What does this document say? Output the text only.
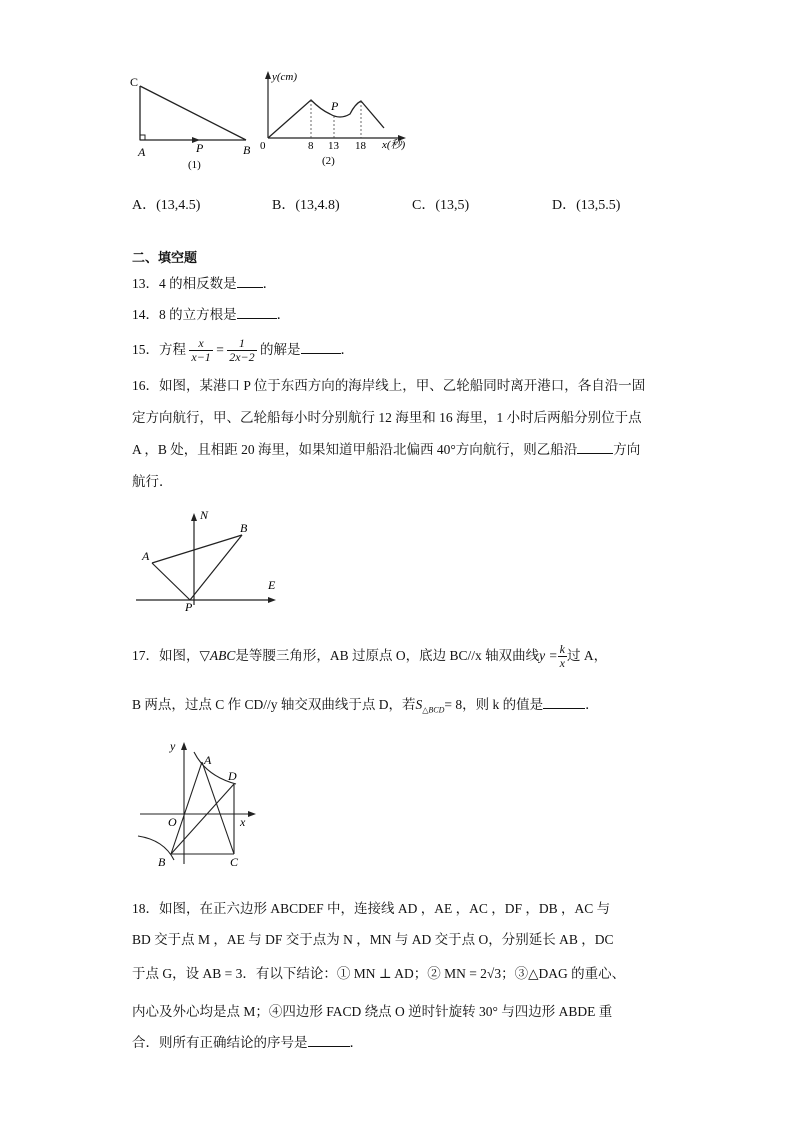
C
A	P	B
(1)
y(cm)
x(秒)
0	8 13 18
P
(2)
A．(13,4.5)	B．(13,4.8)	C．(13,5)	D．(13,5.5)
二、填空题
13．4 的相反数是 ．
14．8 的立方根是	．
15．方程 $\frac{x}{x-1} = \frac{1}{2x-2}$ 的解是	．
16．如图，某港口 P 位于东西方向的海岸线上，甲、乙轮船同时离开港口，各自沿一固
定方向航行，甲、乙轮船每小时分别航行 12 海里和 16 海里，1 小时后两船分别位于点
A ，B 处，且相距 20 海里，如果知道甲船沿北偏西 40°方向航行，则乙船沿	方向
航行．
N
B
A
E
P
17．如图，▽ABC是等腰三角形，AB 过原点 O，底边 BC//x 轴双曲线$y = \frac{k}{x}$ 过 A，
B 两点，过点 C 作 CD//y 轴交双曲线于点 D，若$S_{\triangle BCD}= 8$，则 k 的值是	．
y
A
D
O	x
B	C
18．如图，在正六边形 ABCDEF 中，连接线 AD ，AE ，AC ，DF ，DB ，AC 与
BD 交于点 M ，AE 与 DF 交于点为 N ，MN 与 AD 交于点 O，分别延长 AB ，DC
于点 G，设 AB = 3．有以下结论：① MN ⊥ AD；② MN = 2√3；③△DAG 的重心、
内心及外心均是点 M；④四边形 FACD 绕点 O 逆时针旋转 30° 与四边形 ABDE 重
合．则所有正确结论的序号是	．
